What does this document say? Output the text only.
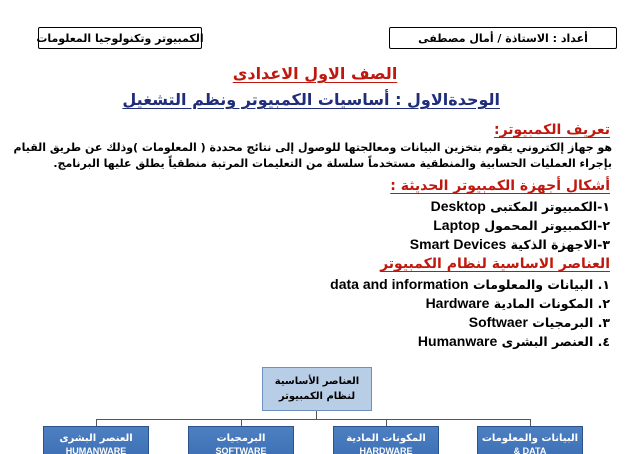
أعداد : الاستاذة / أمال مصطفى
الكمبيوتر وتكنولوجيا المعلومات
الصف الاول الاعدادى
الوحدةالاول : أساسيات الكمبيوتر ونظم التشغيل
تعريف الكمبيوتر:
هو جهاز إلكتروني يقوم بتخزين البيانات ومعالجتها للوصول إلى نتائج محددة ( المعلومات )وذلك عن طريق القيام
بإجراء العمليات الحسابية والمنطقية مستخدماً سلسلة من التعليمات المرتبة منطقياً يطلق عليها البرنامج.
أشكال أجهزة الكمبيوتر الحديثة :
١-الكمبيوتر المكتبى Desktop
٢-الكمبيوتر المحمول Laptop
٣-الاجهزة الذكية Smart Devices
العناصر الاساسية لنظام الكمبيوتر
١. البيانات والمعلومات data and information
٢. المكونات المادية Hardware
٣. البرمجيات Softwaer
٤. العنصر البشرى Humanware
العناصر الأساسية
لنظام الكمبيوتر
البيانات والمعلومات
DATA &
المكونات المادية
HARDWARE
البرمجيات
SOFTWARE
العنصر البشرى
HUMANWARE
